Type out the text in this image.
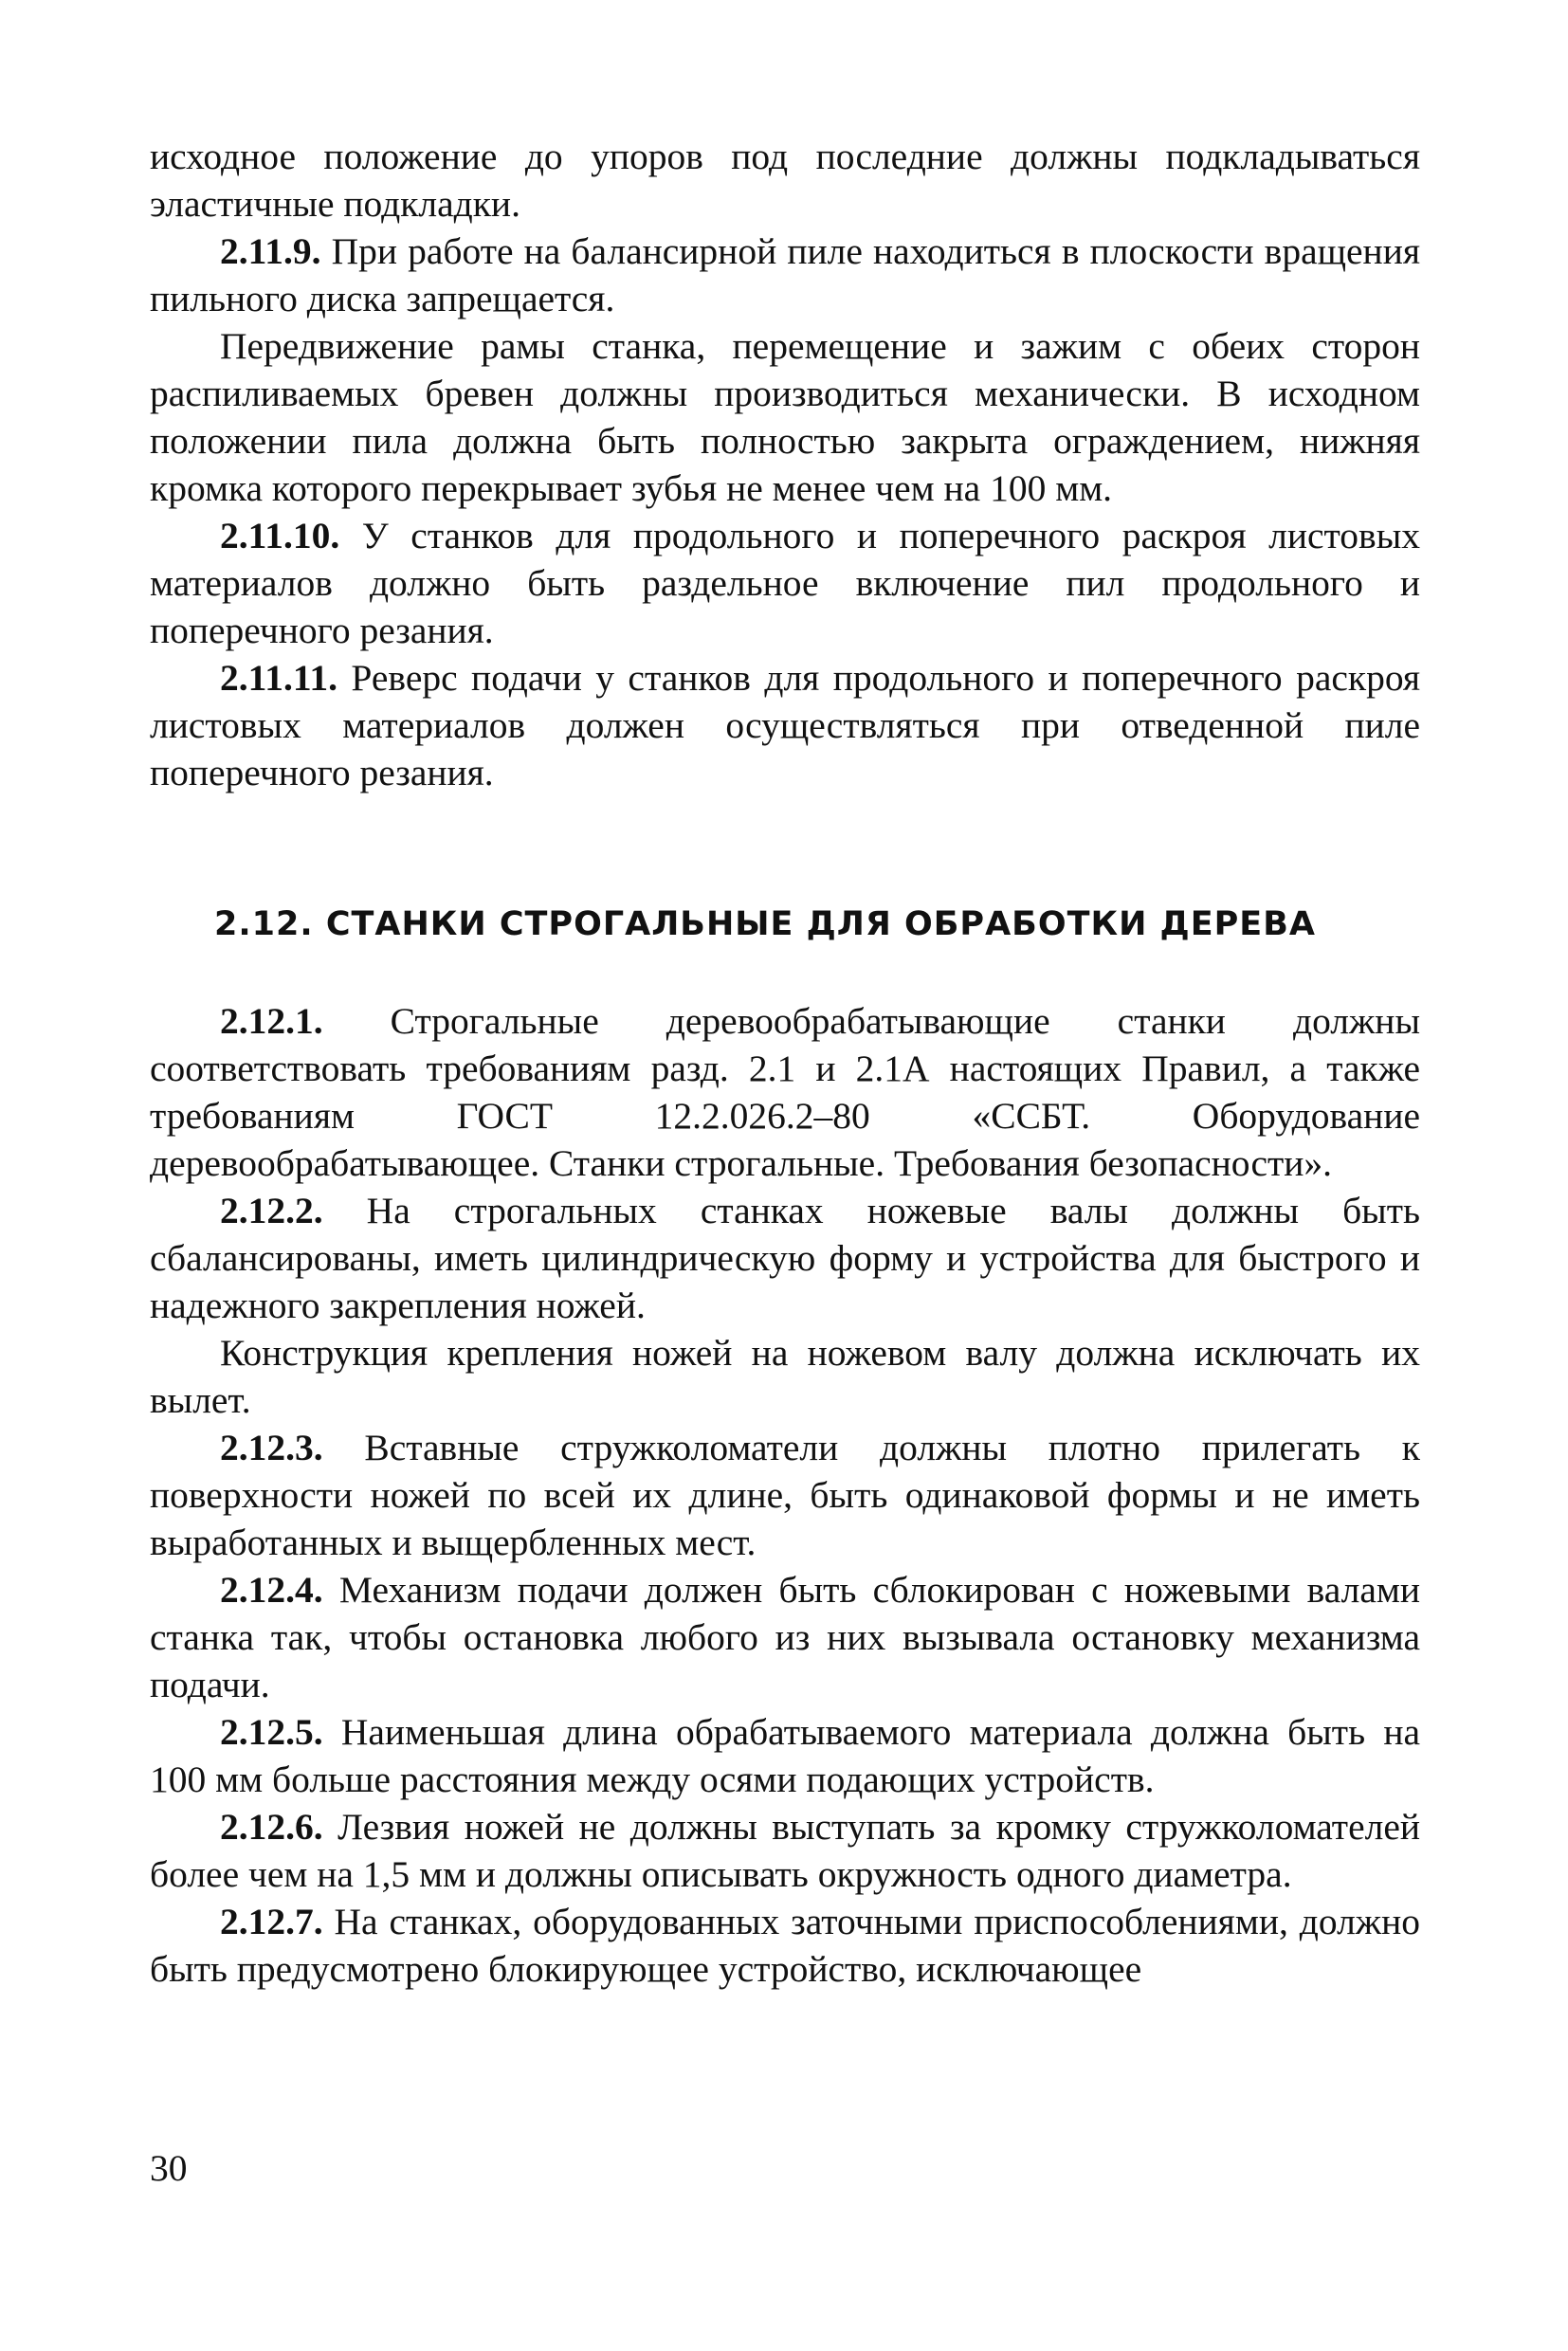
исходное положение до упоров под последние должны подкладываться эластичные подкладки.

2.11.9. При работе на балансирной пиле находиться в плоскости вращения пильного диска запрещается.

Передвижение рамы станка, перемещение и зажим с обеих сторон распиливаемых бревен должны производиться механически. В исходном положении пила должна быть полностью закрыта ограждением, нижняя кромка которого перекрывает зубья не менее чем на 100 мм.

2.11.10. У станков для продольного и поперечного раскроя листовых материалов должно быть раздельное включение пил продольного и поперечного резания.

2.11.11. Реверс подачи у станков для продольного и поперечного раскроя листовых материалов должен осуществляться при отведенной пиле поперечного резания.

2.12. СТАНКИ СТРОГАЛЬНЫЕ ДЛЯ ОБРАБОТКИ ДЕРЕВА

2.12.1. Строгальные деревообрабатывающие станки должны соответствовать требованиям разд. 2.1 и 2.1А настоящих Правил, а также требованиям ГОСТ 12.2.026.2–80 «ССБТ. Оборудование деревообрабатывающее. Станки строгальные. Требования безопасности».

2.12.2. На строгальных станках ножевые валы должны быть сбалансированы, иметь цилиндрическую форму и устройства для быстрого и надежного закрепления ножей.

Конструкция крепления ножей на ножевом валу должна исключать их вылет.

2.12.3. Вставные стружколоматели должны плотно прилегать к поверхности ножей по всей их длине, быть одинаковой формы и не иметь выработанных и выщербленных мест.

2.12.4. Механизм подачи должен быть сблокирован с ножевыми валами станка так, чтобы остановка любого из них вызывала остановку механизма подачи.

2.12.5. Наименьшая длина обрабатываемого материала должна быть на 100 мм больше расстояния между осями подающих устройств.

2.12.6. Лезвия ножей не должны выступать за кромку стружколомателей более чем на 1,5 мм и должны описывать окружность одного диаметра.

2.12.7. На станках, оборудованных заточными приспособлениями, должно быть предусмотрено блокирующее устройство, исключающее

30
